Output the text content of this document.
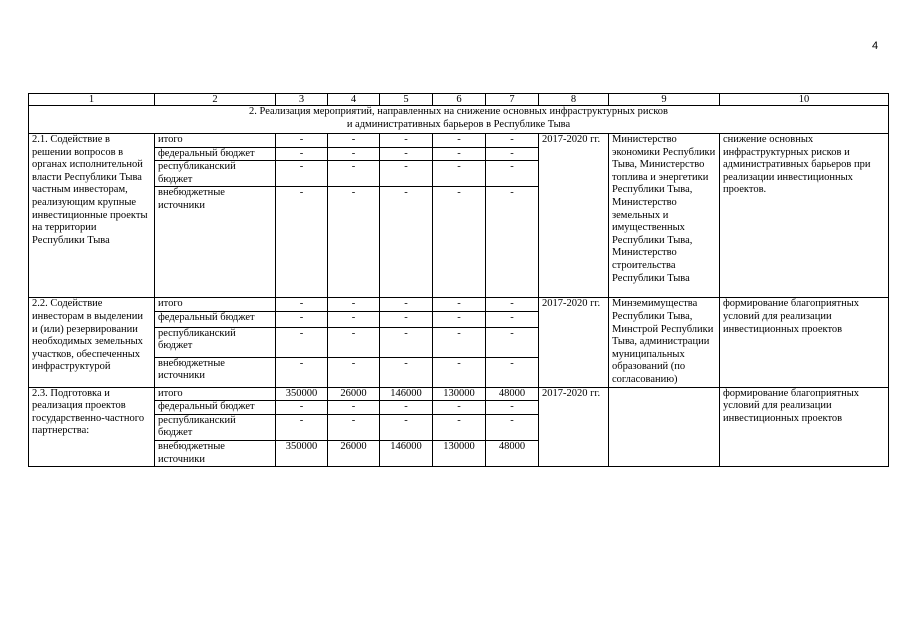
4
1	2	3	4	5	6	7	8	9	10
2. Реализация мероприятий, направленных на снижение основных инфраструктурных рисков и административных барьеров в Республике Тыва									
2.1. Содействие в решении вопросов в органах исполнительной власти Республики Тыва частным инвесторам, реализующим крупные инвестиционные проекты на территории Республики Тыва	итого	-	-	-	-	-	2017-2020 гг.	Министерство экономики Республики Тыва, Министерство топлива и энергетики Республики Тыва, Министерство земельных и имущественных Республики Тыва, Министерство строительства Республики Тыва	снижение основных инфраструктурных рисков и административных барьеров при реализации инвестиционных проектов.
	федеральный бюджет	-	-	-	-	-			
	республиканский бюджет	-	-	-	-	-			
	внебюджетные источники	-	-	-	-	-			
2.2. Содействие инвесторам в выделении и (или) резервировании необходимых земельных участков, обеспеченных инфраструктурой	итого	-	-	-	-	-	2017-2020 гг.	Минземимущества Республики Тыва, Минстрой Республики Тыва, администрации муниципальных образований (по согласованию)	формирование благоприятных условий для реализации инвестиционных проектов
	федеральный бюджет	-	-	-	-	-			
	республиканский бюджет	-	-	-	-	-			
	внебюджетные источники	-	-	-	-	-			
2.3. Подготовка и реализация проектов государственно-частного партнерства:	итого	350000	26000	146000	130000	48000	2017-2020 гг.		формирование благоприятных условий для реализации инвестиционных проектов
	федеральный бюджет	-	-	-	-	-			
	республиканский бюджет	-	-	-	-	-			
	внебюджетные источники	350000	26000	146000	130000	48000			
